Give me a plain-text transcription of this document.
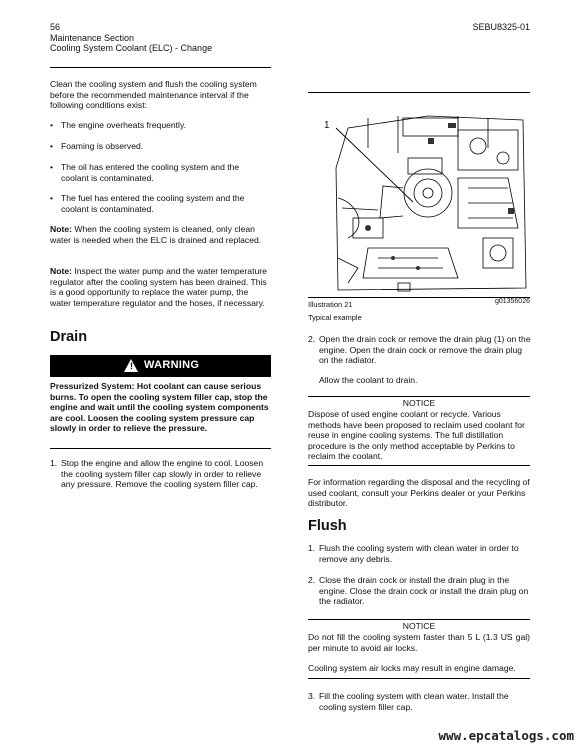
56	SEBU8325-01
Maintenance Section
Cooling System Coolant (ELC) - Change
Clean the cooling system and flush the cooling system before the recommended maintenance interval if the following conditions exist:
• The engine overheats frequently.
• Foaming is observed.
• The oil has entered the cooling system and the coolant is contaminated.
• The fuel has entered the cooling system and the coolant is contaminated.
Note: When the cooling system is cleaned, only clean water is needed when the ELC is drained and replaced.
Note: Inspect the water pump and the water temperature regulator after the cooling system has been drained. This is a good opportunity to replace the water pump, the water temperature regulator and the hoses, if necessary.
Drain
! WARNING
Pressurized System: Hot coolant can cause serious burns. To open the cooling system filler cap, stop the engine and wait until the cooling system components are cool. Loosen the cooling system pressure cap slowly in order to relieve the pressure.
1. Stop the engine and allow the engine to cool. Loosen the cooling system filler cap slowly in order to relieve any pressure. Remove the cooling system filler cap.
1
Illustration 21	g01356026
Typical example
2. Open the drain cock or remove the drain plug (1) on the engine. Open the drain cock or remove the drain plug on the radiator.
Allow the coolant to drain.
NOTICE
Dispose of used engine coolant or recycle. Various methods have been proposed to reclaim used coolant for reuse in engine cooling systems. The full distillation procedure is the only method acceptable by Perkins to reclaim the coolant.
For information regarding the disposal and the recycling of used coolant, consult your Perkins dealer or your Perkins distributor.
Flush
1. Flush the cooling system with clean water in order to remove any debris.
2. Close the drain cock or install the drain plug in the engine. Close the drain cock or install the drain plug on the radiator.
NOTICE
Do not fill the cooling system faster than 5 L (1.3 US gal) per minute to avoid air locks.
Cooling system air locks may result in engine damage.
3. Fill the cooling system with clean water. Install the cooling system filler cap.
www.epcatalogs.com
